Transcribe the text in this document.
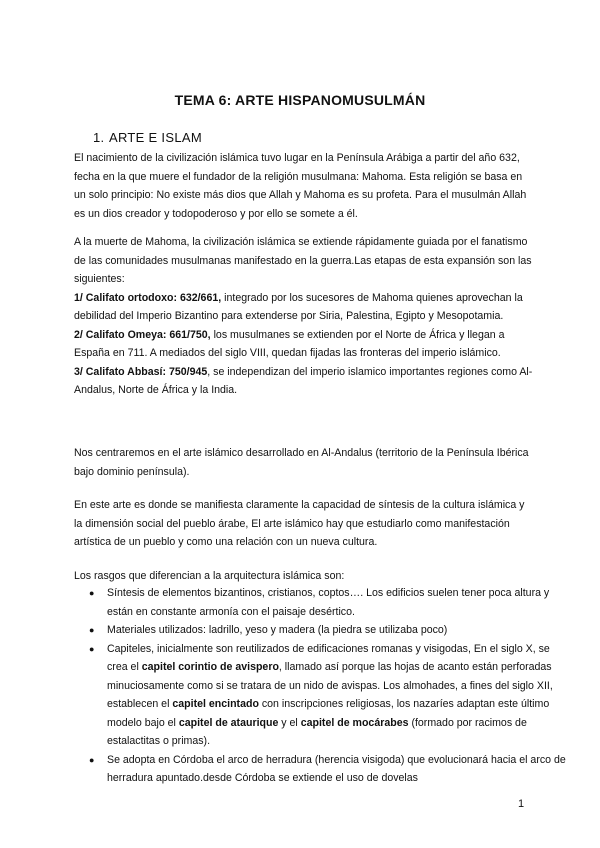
TEMA 6: ARTE HISPANOMUSULMÁN
1. ARTE E ISLAM
El nacimiento de la civilización islámica tuvo lugar en la Península Arábiga a partir del año 632, fecha en la que muere el fundador de la religión musulmana: Mahoma. Esta religión se basa en un solo principio: No existe más dios que Allah y Mahoma es su profeta. Para el musulmán Allah es un dios creador y todopoderoso y por ello se somete a él.
A la muerte de Mahoma, la civilización islámica se extiende rápidamente guiada por el fanatismo de las comunidades musulmanas manifestado en la guerra.Las etapas de esta expansión son las siguientes:
1/ Califato ortodoxo: 632/661, integrado por los sucesores de Mahoma quienes aprovechan la debilidad del Imperio Bizantino para extenderse por Siria, Palestina, Egipto y Mesopotamia.
2/ Califato Omeya: 661/750, los musulmanes se extienden por el Norte de África y llegan a España en 711. A mediados del siglo VIII, quedan fijadas las fronteras del imperio islámico.
3/ Califato Abbasí: 750/945, se independizan del imperio islamico importantes regiones como Al-Andalus, Norte de África y la India.
Nos centraremos en el arte islámico desarrollado en Al-Andalus (territorio de la Península Ibérica bajo dominio península).
En este arte es donde se manifiesta claramente la capacidad de síntesis de la cultura islámica y la dimensión social del pueblo árabe, El arte islámico hay que estudiarlo como manifestación artística de un pueblo y como una relación con un nueva cultura.
Los rasgos que diferencian a la arquitectura islámica son:
● Síntesis de elementos bizantinos, cristianos, coptos…. Los edificios suelen tener poca altura y están en constante armonía con el paisaje desértico.
● Materiales utilizados: ladrillo, yeso y madera (la piedra se utilizaba poco)
● Capiteles, inicialmente son reutilizados de edificaciones romanas y visigodas, En el siglo X, se crea el capitel corintio de avispero, llamado así porque las hojas de acanto están perforadas minuciosamente como si se tratara de un nido de avispas. Los almohades, a fines del siglo XII, establecen el capitel encintado con inscripciones religiosas, los nazaríes adaptan este último modelo bajo el capitel de ataurique y el capitel de mocárabes (formado por racimos de estalactitas o primas).
● Se adopta en Córdoba el arco de herradura (herencia visigoda) que evolucionará hacia el arco de herradura apuntado.desde Córdoba se extiende el uso de dovelas
1
